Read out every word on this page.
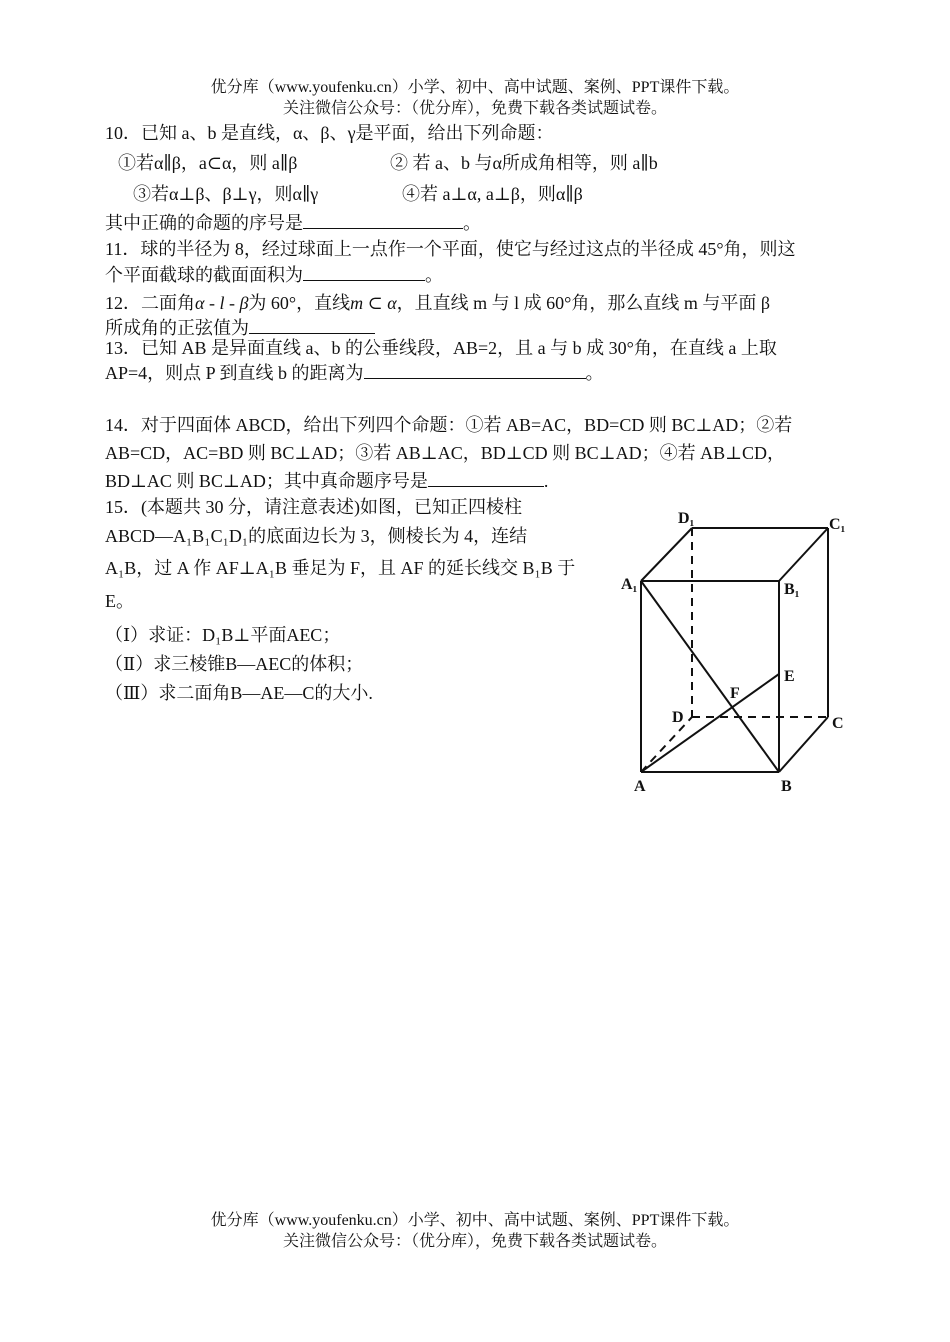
优分库（www.youfenku.cn）小学、初中、高中试题、案例、PPT课件下载。
关注微信公众号：（优分库），免费下载各类试题试卷。
10．已知 a、b 是直线，α、β、γ是平面，给出下列命题：
①若α∥β，a⊂α，则 a∥β	② 若 a、b 与α所成角相等，则 a∥b
③若α⊥β、β⊥γ，则α∥γ	④若 a⊥α, a⊥β，则α∥β
其中正确的命题的序号是	。
11．球的半径为 8，经过球面上一点作一个平面，使它与经过这点的半径成 45°角，则这
个平面截球的截面面积为	。
12．二面角α - l - β为 60°，直线m ⊂ α，且直线 m 与 l 成 60°角，那么直线 m 与平面 β
所成角的正弦值为
13．已知 AB 是异面直线 a、b 的公垂线段，AB=2，且 a 与 b 成 30°角，在直线 a 上取
AP=4，则点 P 到直线 b 的距离为	。
14．对于四面体 ABCD，给出下列四个命题：①若 AB=AC，BD=CD 则 BC⊥AD；②若
AB=CD，AC=BD 则 BC⊥AD；③若 AB⊥AC，BD⊥CD 则 BC⊥AD；④若 AB⊥CD，
BD⊥AC 则 BC⊥AD；其中真命题序号是	.
15．(本题共 30 分，请注意表述)如图，已知正四棱柱
ABCD—A₁B₁C₁D₁的底面边长为 3，侧棱长为 4，连结
A₁B，过 A 作 AF⊥A₁B 垂足为 F，且 AF 的延长线交 B₁B 于
E。
（Ⅰ）求证：D₁B⊥平面AEC；
（Ⅱ）求三棱锥B—AEC的体积；
（Ⅲ）求二面角B—AE—C的大小.
D₁	C₁
A₁	B₁
E
F
D	C
A	B
优分库（www.youfenku.cn）小学、初中、高中试题、案例、PPT课件下载。
关注微信公众号：（优分库），免费下载各类试题试卷。
